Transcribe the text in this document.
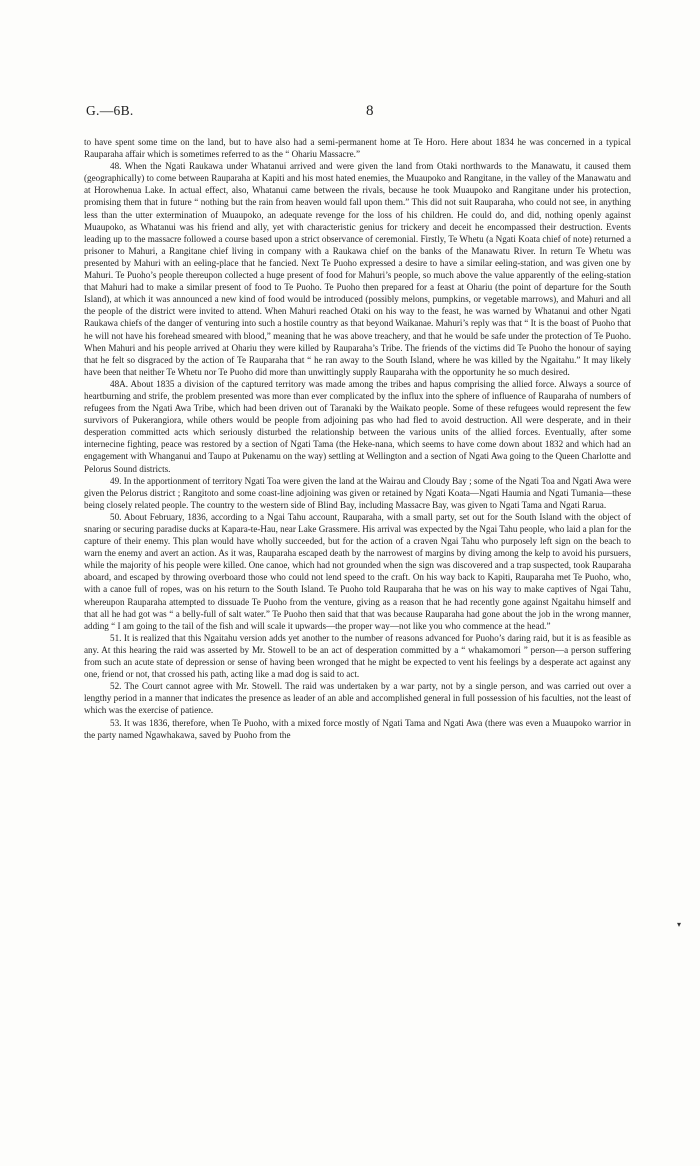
G.—6B.	8

to have spent some time on the land, but to have also had a semi-permanent home at Te Horo. Here about 1834 he was concerned in a typical Rauparaha affair which is sometimes referred to as the “ Ohariu Massacre.”

48. When the Ngati Raukawa under Whatanui arrived and were given the land from Otaki northwards to the Manawatu, it caused them (geographically) to come between Rauparaha at Kapiti and his most hated enemies, the Muaupoko and Rangitane, in the valley of the Manawatu and at Horowhenua Lake. In actual effect, also, Whatanui came between the rivals, because he took Muaupoko and Rangitane under his protection, promising them that in future “ nothing but the rain from heaven would fall upon them.” This did not suit Rauparaha, who could not see, in anything less than the utter extermination of Muaupoko, an adequate revenge for the loss of his children. He could do, and did, nothing openly against Muaupoko, as Whatanui was his friend and ally, yet with characteristic genius for trickery and deceit he encompassed their destruction. Events leading up to the massacre followed a course based upon a strict observance of ceremonial. Firstly, Te Whetu (a Ngati Koata chief of note) returned a prisoner to Mahuri, a Rangitane chief living in company with a Raukawa chief on the banks of the Manawatu River. In return Te Whetu was presented by Mahuri with an eeling-place that he fancied. Next Te Puoho expressed a desire to have a similar eeling-station, and was given one by Mahuri. Te Puoho’s people thereupon collected a huge present of food for Mahuri’s people, so much above the value apparently of the eeling-station that Mahuri had to make a similar present of food to Te Puoho. Te Puoho then prepared for a feast at Ohariu (the point of departure for the South Island), at which it was announced a new kind of food would be introduced (possibly melons, pumpkins, or vegetable marrows), and Mahuri and all the people of the district were invited to attend. When Mahuri reached Otaki on his way to the feast, he was warned by Whatanui and other Ngati Raukawa chiefs of the danger of venturing into such a hostile country as that beyond Waikanae. Mahuri’s reply was that “ It is the boast of Puoho that he will not have his forehead smeared with blood,” meaning that he was above treachery, and that he would be safe under the protection of Te Puoho. When Mahuri and his people arrived at Ohariu they were killed by Rauparaha’s Tribe. The friends of the victims did Te Puoho the honour of saying that he felt so disgraced by the action of Te Rauparaha that “ he ran away to the South Island, where he was killed by the Ngaitahu.” It may likely have been that neither Te Whetu nor Te Puoho did more than unwittingly supply Rauparaha with the opportunity he so much desired.

48A. About 1835 a division of the captured territory was made among the tribes and hapus comprising the allied force. Always a source of heartburning and strife, the problem presented was more than ever complicated by the influx into the sphere of influence of Rauparaha of numbers of refugees from the Ngati Awa Tribe, which had been driven out of Taranaki by the Waikato people. Some of these refugees would represent the few survivors of Pukerangiora, while others would be people from adjoining pas who had fled to avoid destruction. All were desperate, and in their desperation committed acts which seriously disturbed the relationship between the various units of the allied forces. Eventually, after some internecine fighting, peace was restored by a section of Ngati Tama (the Heke-nana, which seems to have come down about 1832 and which had an engagement with Whanganui and Taupo at Pukenamu on the way) settling at Wellington and a section of Ngati Awa going to the Queen Charlotte and Pelorus Sound districts.

49. In the apportionment of territory Ngati Toa were given the land at the Wairau and Cloudy Bay ; some of the Ngati Toa and Ngati Awa were given the Pelorus district ; Rangitoto and some coast-line adjoining was given or retained by Ngati Koata—Ngati Haumia and Ngati Tumania—these being closely related people. The country to the western side of Blind Bay, including Massacre Bay, was given to Ngati Tama and Ngati Rarua.

50. About February, 1836, according to a Ngai Tahu account, Rauparaha, with a small party, set out for the South Island with the object of snaring or securing paradise ducks at Kapara-te-Hau, near Lake Grassmere. His arrival was expected by the Ngai Tahu people, who laid a plan for the capture of their enemy. This plan would have wholly succeeded, but for the action of a craven Ngai Tahu who purposely left sign on the beach to warn the enemy and avert an action. As it was, Rauparaha escaped death by the narrowest of margins by diving among the kelp to avoid his pursuers, while the majority of his people were killed. One canoe, which had not grounded when the sign was discovered and a trap suspected, took Rauparaha aboard, and escaped by throwing overboard those who could not lend speed to the craft. On his way back to Kapiti, Rauparaha met Te Puoho, who, with a canoe full of ropes, was on his return to the South Island. Te Puoho told Rauparaha that he was on his way to make captives of Ngai Tahu, whereupon Rauparaha attempted to dissuade Te Puoho from the venture, giving as a reason that he had recently gone against Ngaitahu himself and that all he had got was “ a belly-full of salt water.” Te Puoho then said that that was because Rauparaha had gone about the job in the wrong manner, adding “ I am going to the tail of the fish and will scale it upwards—the proper way—not like you who commence at the head.”

51. It is realized that this Ngaitahu version adds yet another to the number of reasons advanced for Puoho’s daring raid, but it is as feasible as any. At this hearing the raid was asserted by Mr. Stowell to be an act of desperation committed by a “ whakamomori ” person—a person suffering from such an acute state of depression or sense of having been wronged that he might be expected to vent his feelings by a desperate act against any one, friend or not, that crossed his path, acting like a mad dog is said to act.

52. The Court cannot agree with Mr. Stowell. The raid was undertaken by a war party, not by a single person, and was carried out over a lengthy period in a manner that indicates the presence as leader of an able and accomplished general in full possession of his faculties, not the least of which was the exercise of patience.

53. It was 1836, therefore, when Te Puoho, with a mixed force mostly of Ngati Tama and Ngati Awa (there was even a Muaupoko warrior in the party named Ngawhakawa, saved by Puoho from the

▾
